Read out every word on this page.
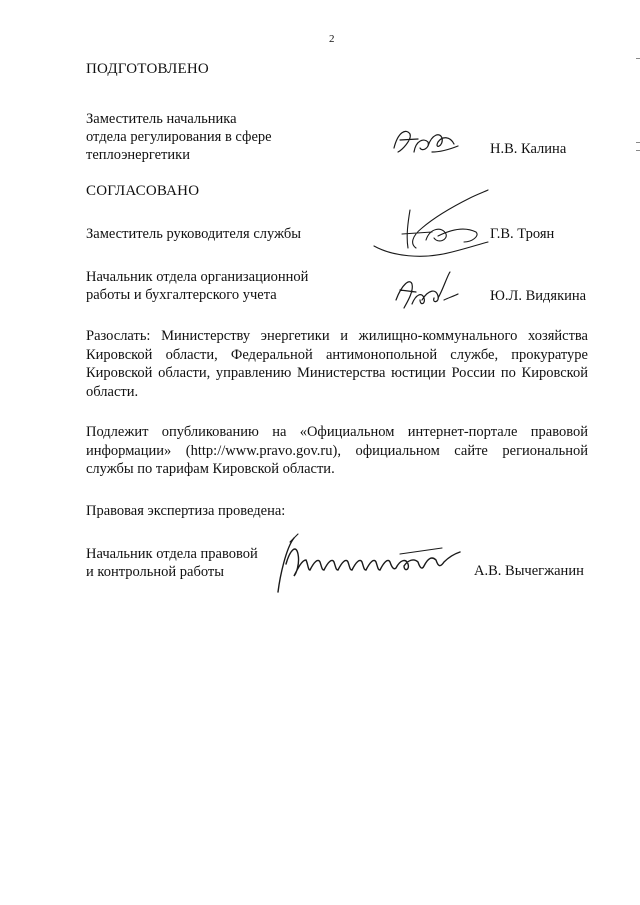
2
ПОДГОТОВЛЕНО
Заместитель начальника
отдела регулирования в сфере
теплоэнергетики	Н.В. Калина
СОГЛАСОВАНО
Заместитель руководителя службы	Г.В. Троян
Начальник отдела организационной
работы и бухгалтерского учета	Ю.Л. Видякина
Разослать: Министерству энергетики и жилищно-коммунального хозяйства Кировской области, Федеральной антимонопольной службе, прокуратуре Кировской области, управлению Министерства юстиции России по Кировской области.
Подлежит опубликованию на «Официальном интернет-портале правовой информации» (http://www.pravo.gov.ru), официальном сайте региональной службы по тарифам Кировской области.
Правовая экспертиза проведена:
Начальник отдела правовой
и контрольной работы	А.В. Вычегжанин
